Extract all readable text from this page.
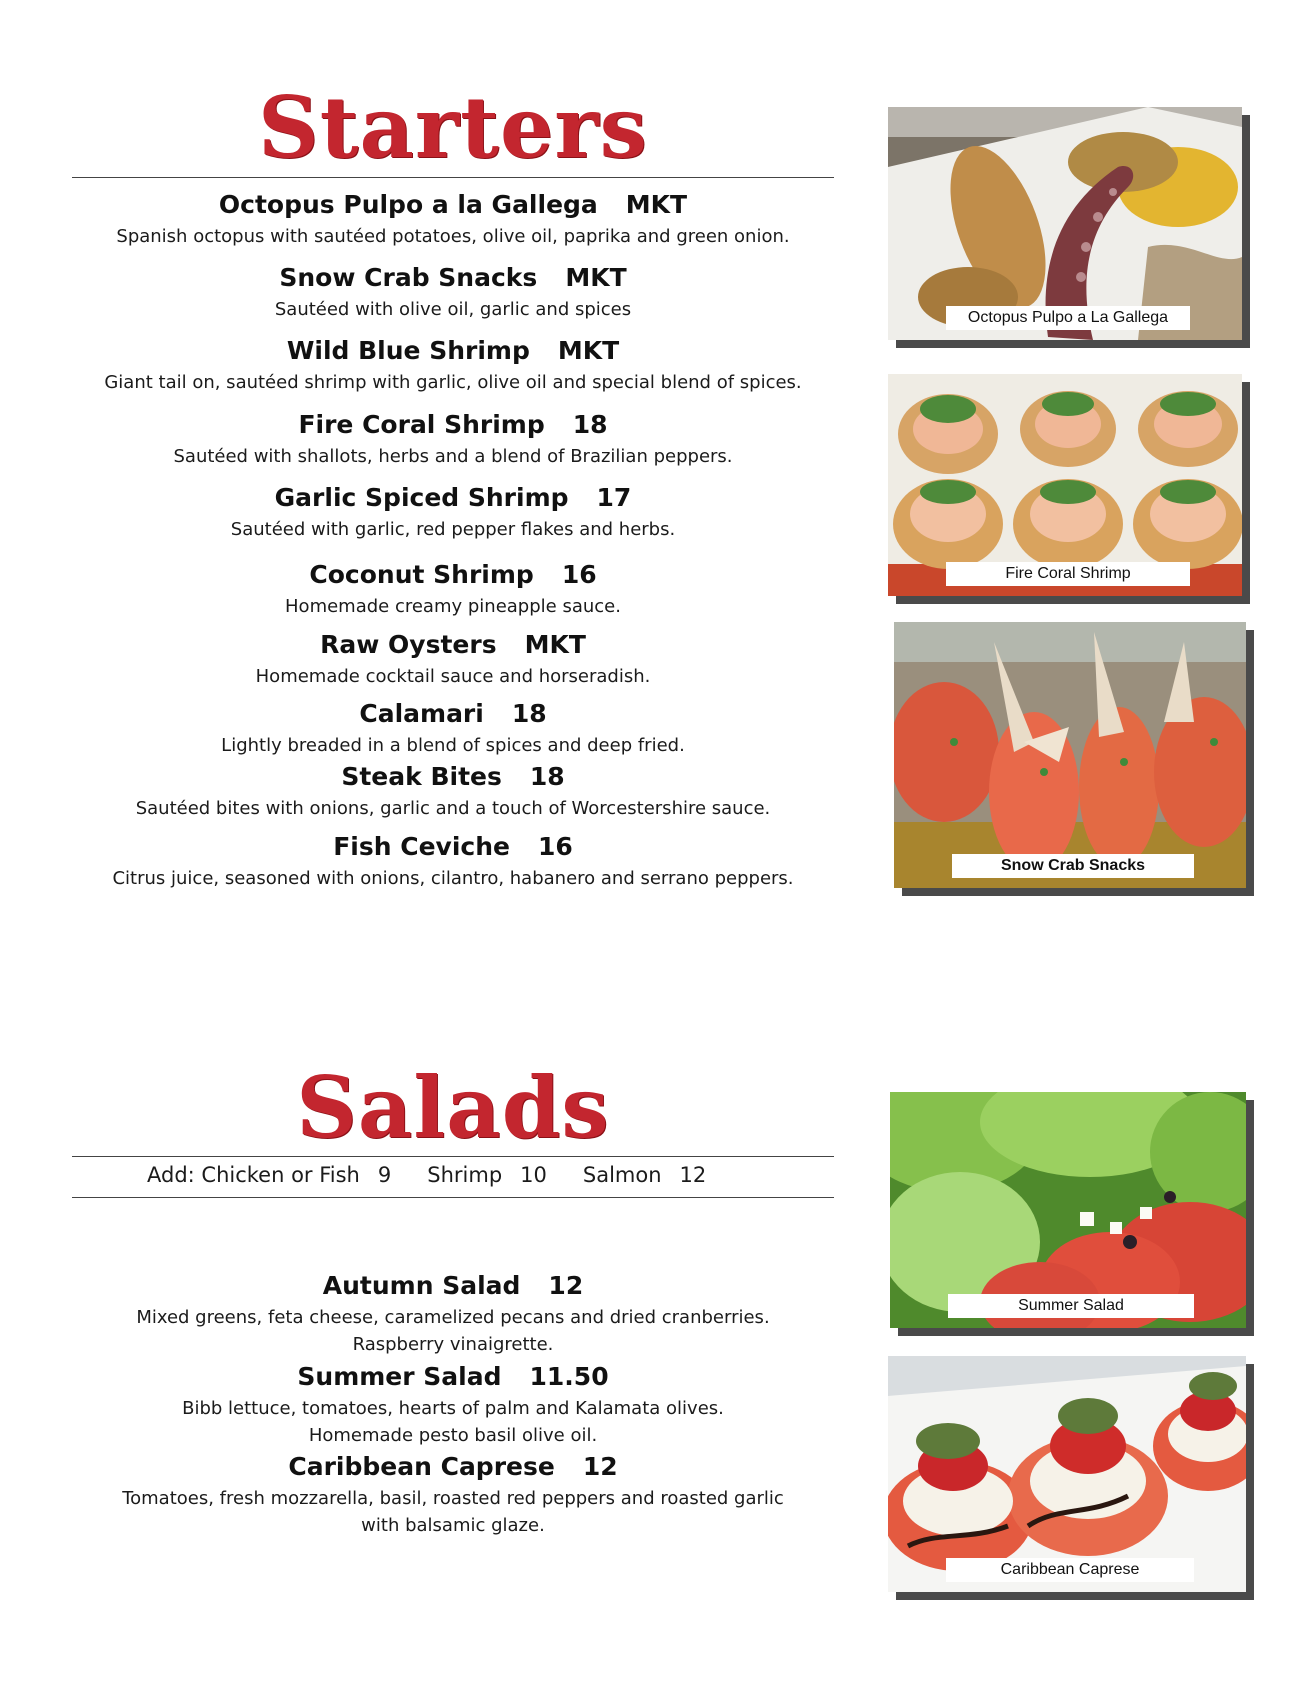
Starters
Octopus Pulpo a la Gallega MKT
Spanish octopus with sautéed potatoes, olive oil, paprika and green onion.
Snow Crab Snacks MKT
Sautéed with olive oil, garlic and spices
Wild Blue Shrimp MKT
Giant tail on, sautéed shrimp with garlic, olive oil and special blend of spices.
Fire Coral Shrimp 18
Sautéed with shallots, herbs and a blend of Brazilian peppers.
Garlic Spiced Shrimp 17
Sautéed with garlic, red pepper flakes and herbs.
Coconut Shrimp 16
Homemade creamy pineapple sauce.
Raw Oysters MKT
Homemade cocktail sauce and horseradish.
Calamari 18
Lightly breaded in a blend of spices and deep fried.
Steak Bites 18
Sautéed bites with onions, garlic and a touch of Worcestershire sauce.
Fish Ceviche 16
Citrus juice, seasoned with onions, cilantro, habanero and serrano peppers.
Salads
Add: Chicken or Fish 9 Shrimp 10 Salmon 12
Autumn Salad 12
Mixed greens, feta cheese, caramelized pecans and dried cranberries.
Raspberry vinaigrette.
Summer Salad 11.50
Bibb lettuce, tomatoes, hearts of palm and Kalamata olives.
Homemade pesto basil olive oil.
Caribbean Caprese 12
Tomatoes, fresh mozzarella, basil, roasted red peppers and roasted garlic
with balsamic glaze.
Octopus Pulpo a La Gallega
Fire Coral Shrimp
Snow Crab Snacks
Summer Salad
Caribbean Caprese
